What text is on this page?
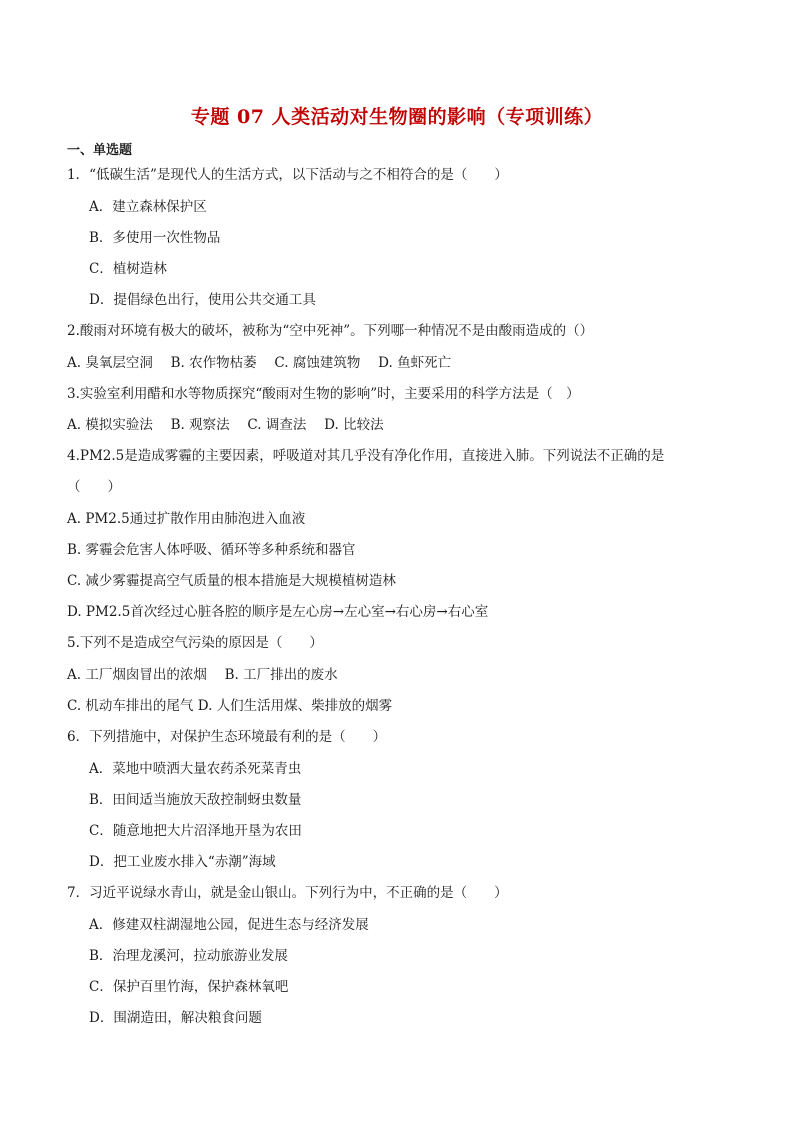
专题 07 人类活动对生物圈的影响（专项训练）
一、单选题
1．“低碳生活”是现代人的生活方式，以下活动与之不相符合的是（　　）
A．建立森林保护区
B．多使用一次性物品
C．植树造林
D．提倡绿色出行，使用公共交通工具
2.酸雨对环境有极大的破坏，被称为“空中死神”。下列哪一种情况不是由酸雨造成的（）
A. 臭氧层空洞　 B. 农作物枯萎　 C. 腐蚀建筑物　 D. 鱼虾死亡
3.实验室利用醋和水等物质探究“酸雨对生物的影响”时，主要采用的科学方法是（　）
A. 模拟实验法　 B. 观察法　 C. 调查法　 D. 比较法
4.PM2.5是造成雾霾的主要因素，呼吸道对其几乎没有净化作用，直接进入肺。下列说法不正确的是
（　　）
A. PM2.5通过扩散作用由肺泡进入血液
B. 雾霾会危害人体呼吸、循环等多种系统和器官
C. 减少雾霾提高空气质量的根本措施是大规模植树造林
D. PM2.5首次经过心脏各腔的顺序是左心房→左心室→右心房→右心室
5.下列不是造成空气污染的原因是（　　）
A. 工厂烟囱冒出的浓烟　 B. 工厂排出的废水
C. 机动车排出的尾气 D. 人们生活用煤、柴排放的烟雾
6．下列措施中，对保护生态环境最有利的是（　　）
A．菜地中喷洒大量农药杀死菜青虫
B．田间适当施放天敌控制蚜虫数量
C．随意地把大片沼泽地开垦为农田
D．把工业废水排入“赤潮”海域
7．习近平说绿水青山，就是金山银山。下列行为中，不正确的是（　　）
A．修建双柱湖湿地公园，促进生态与经济发展
B．治理龙溪河，拉动旅游业发展
C．保护百里竹海，保护森林氧吧
D．围湖造田，解决粮食问题
